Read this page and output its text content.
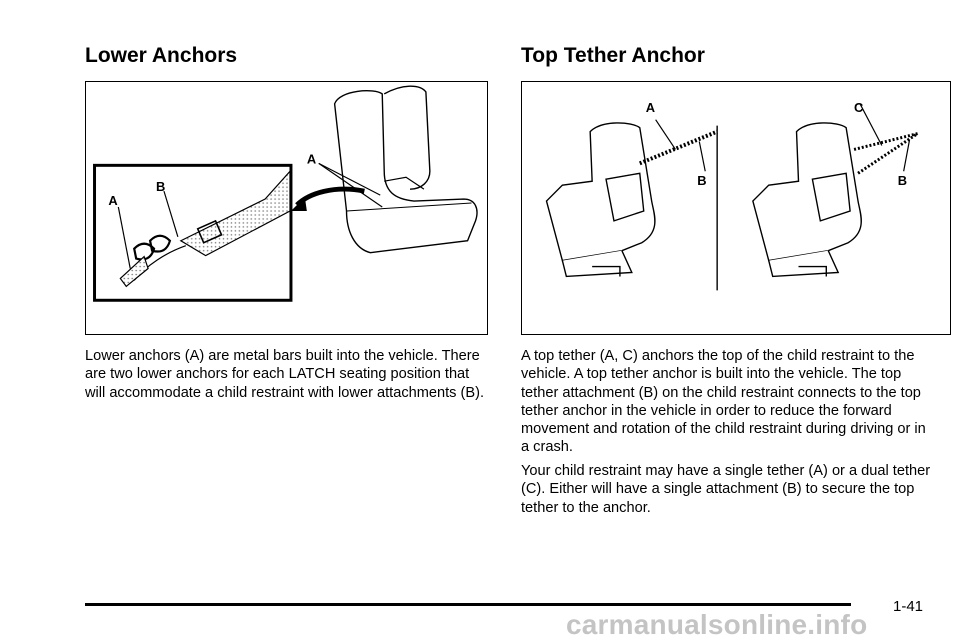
Lower Anchors	Top Tether Anchor
A
B
A
A
B
C
B

Lower anchors (A) are metal bars built into the vehicle. There are two lower anchors for each LATCH seating position that will accommodate a child restraint with lower attachments (B).

A top tether (A, C) anchors the top of the child restraint to the vehicle. A top tether anchor is built into the vehicle. The top tether attachment (B) on the child restraint connects to the top tether anchor in the vehicle in order to reduce the forward movement and rotation of the child restraint during driving or in a crash.

Your child restraint may have a single tether (A) or a dual tether (C). Either will have a single attachment (B) to secure the top tether to the anchor.

1-41
carmanualsonline.info
